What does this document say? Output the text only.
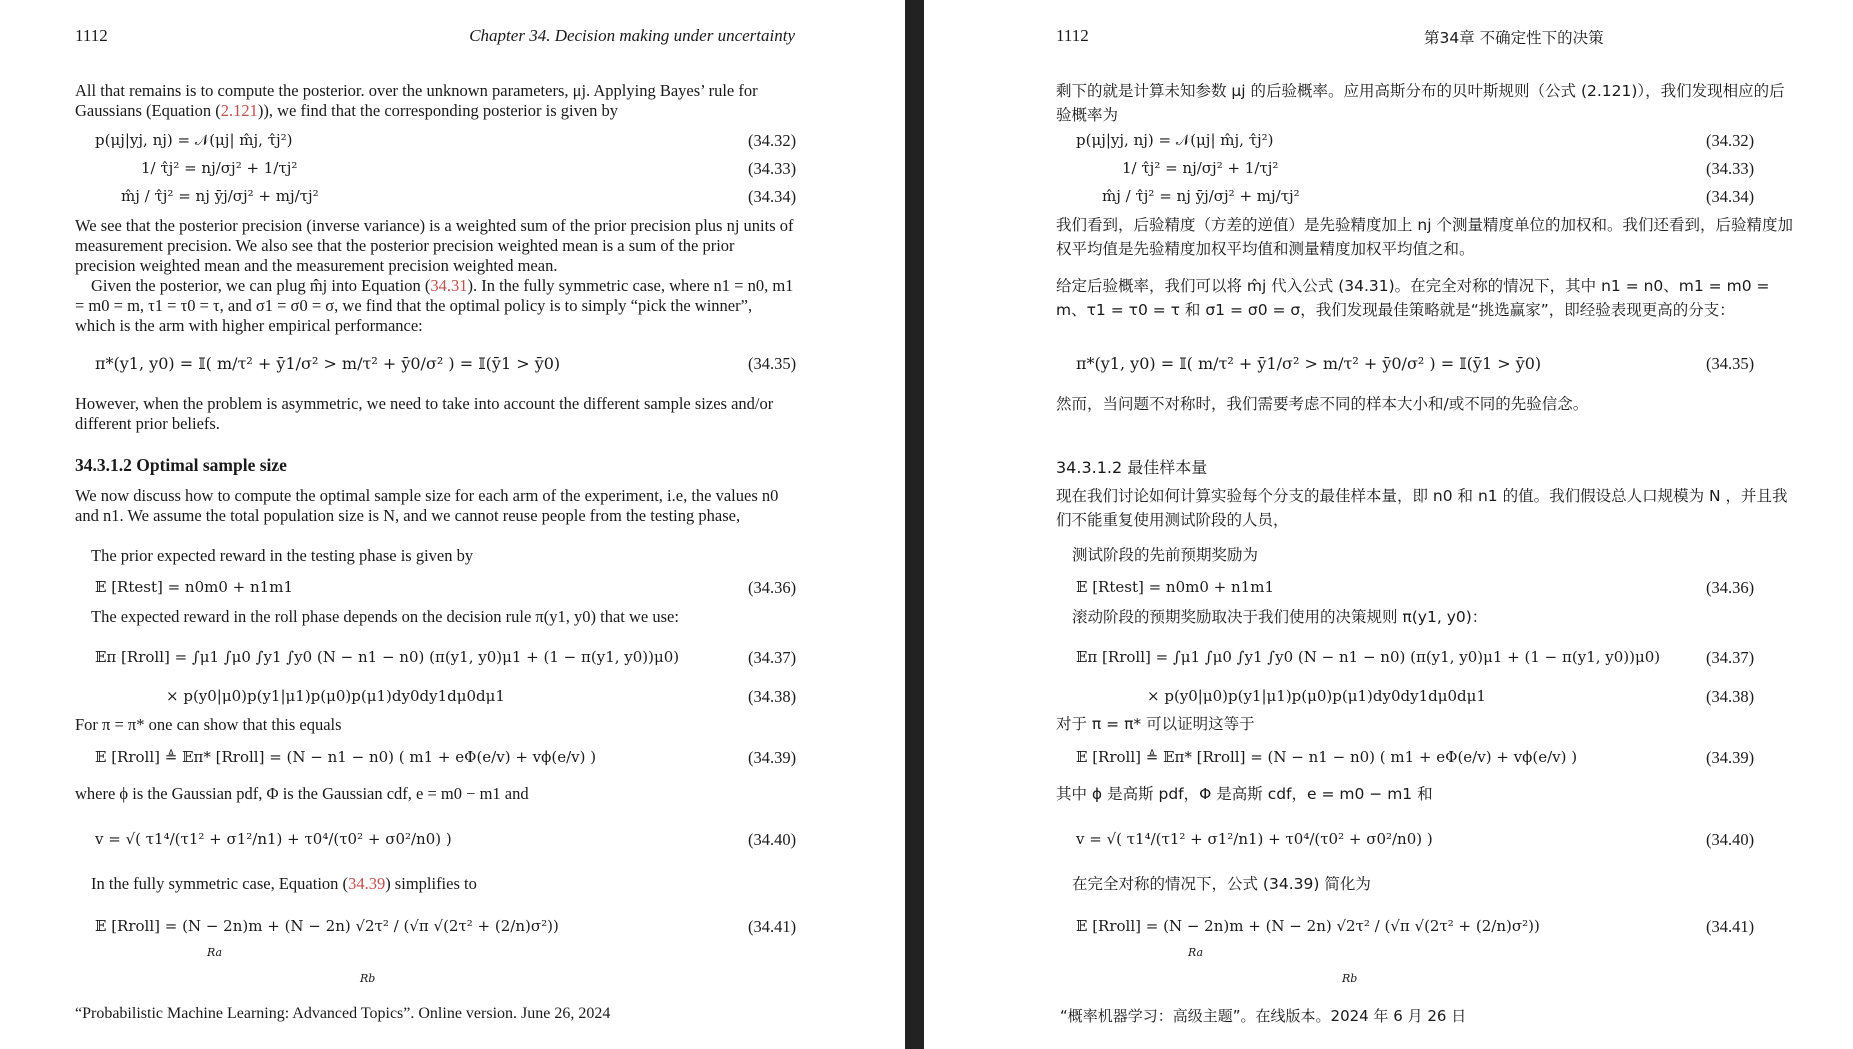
1112	Chapter 34. Decision making under uncertainty
All that remains is to compute the posterior. over the unknown parameters, μj. Applying Bayes’ rule for Gaussians (Equation (2.121)), we find that the corresponding posterior is given by
p(μj|yj, nj) = 𝒩(μj| m̂j, τ̂j²)	(34.32)
1/ τ̂j² = nj/σj² + 1/τj²	(34.33)
m̂j / τ̂j² = nj ȳj/σj² + mj/τj²	(34.34)
We see that the posterior precision (inverse variance) is a weighted sum of the prior precision plus nj units of measurement precision. We also see that the posterior precision weighted mean is a sum of the prior precision weighted mean and the measurement precision weighted mean.
Given the posterior, we can plug m̂j into Equation (34.31). In the fully symmetric case, where n1 = n0, m1 = m0 = m, τ1 = τ0 = τ, and σ1 = σ0 = σ, we find that the optimal policy is to simply “pick the winner”, which is the arm with higher empirical performance:
π*(y1, y0) = 𝕀( m/τ² + ȳ1/σ² > m/τ² + ȳ0/σ² ) = 𝕀(ȳ1 > ȳ0)	(34.35)
However, when the problem is asymmetric, we need to take into account the different sample sizes and/or different prior beliefs.
34.3.1.2 Optimal sample size
We now discuss how to compute the optimal sample size for each arm of the experiment, i.e, the values n0 and n1. We assume the total population size is N, and we cannot reuse people from the testing phase,
The prior expected reward in the testing phase is given by
𝔼 [Rtest] = n0m0 + n1m1	(34.36)
The expected reward in the roll phase depends on the decision rule π(y1, y0) that we use:
𝔼π [Rroll] = ∫μ1 ∫μ0 ∫y1 ∫y0 (N − n1 − n0) (π(y1, y0)μ1 + (1 − π(y1, y0))μ0)	(34.37)
× p(y0|μ0)p(y1|μ1)p(μ0)p(μ1)dy0dy1dμ0dμ1	(34.38)
For π = π* one can show that this equals
𝔼 [Rroll] ≜ 𝔼π* [Rroll] = (N − n1 − n0) ( m1 + eΦ(e/v) + vϕ(e/v) )	(34.39)
where ϕ is the Gaussian pdf, Φ is the Gaussian cdf, e = m0 − m1 and
v = √( τ1⁴/(τ1² + σ1²/n1) + τ0⁴/(τ0² + σ0²/n0) )	(34.40)
In the fully symmetric case, Equation (34.39) simplifies to
𝔼 [Rroll] = (N − 2n)m + (N − 2n) √2τ² / (√π √(2τ² + (2/n)σ²))	(34.41)
Ra
Rb
“Probabilistic Machine Learning: Advanced Topics”. Online version. June 26, 2024
1112	第34章 不确定性下的决策
剩下的就是计算未知参数 μj 的后验概率。应用高斯分布的贝叶斯规则（公式 (2.121)），我们发现相应的后验概率为
p(μj|yj, nj) = 𝒩(μj| m̂j, τ̂j²)	(34.32)
1/ τ̂j² = nj/σj² + 1/τj²	(34.33)
m̂j / τ̂j² = nj ȳj/σj² + mj/τj²	(34.34)
我们看到，后验精度（方差的逆值）是先验精度加上 nj 个测量精度单位的加权和。我们还看到，后验精度加权平均值是先验精度加权平均值和测量精度加权平均值之和。
给定后验概率，我们可以将 m̂j 代入公式 (34.31)。在完全对称的情况下，其中 n1 = n0、m1 = m0 = m、τ1 = τ0 = τ 和 σ1 = σ0 = σ，我们发现最佳策略就是“挑选赢家”，即经验表现更高的分支：
π*(y1, y0) = 𝕀( m/τ² + ȳ1/σ² > m/τ² + ȳ0/σ² ) = 𝕀(ȳ1 > ȳ0)	(34.35)
然而，当问题不对称时，我们需要考虑不同的样本大小和/或不同的先验信念。
34.3.1.2 最佳样本量
现在我们讨论如何计算实验每个分支的最佳样本量，即 n0 和 n1 的值。我们假设总人口规模为 N ，并且我们不能重复使用测试阶段的人员，
测试阶段的先前预期奖励为
𝔼 [Rtest] = n0m0 + n1m1	(34.36)
滚动阶段的预期奖励取决于我们使用的决策规则 π(y1, y0)：
𝔼π [Rroll] = ∫μ1 ∫μ0 ∫y1 ∫y0 (N − n1 − n0) (π(y1, y0)μ1 + (1 − π(y1, y0))μ0)	(34.37)
× p(y0|μ0)p(y1|μ1)p(μ0)p(μ1)dy0dy1dμ0dμ1	(34.38)
对于 π = π* 可以证明这等于
𝔼 [Rroll] ≜ 𝔼π* [Rroll] = (N − n1 − n0) ( m1 + eΦ(e/v) + vϕ(e/v) )	(34.39)
其中 ϕ 是高斯 pdf，Φ 是高斯 cdf，e = m0 − m1 和
v = √( τ1⁴/(τ1² + σ1²/n1) + τ0⁴/(τ0² + σ0²/n0) )	(34.40)
在完全对称的情况下，公式 (34.39) 简化为
𝔼 [Rroll] = (N − 2n)m + (N − 2n) √2τ² / (√π √(2τ² + (2/n)σ²))	(34.41)
Ra
Rb
“概率机器学习：高级主题”。在线版本。2024 年 6 月 26 日
